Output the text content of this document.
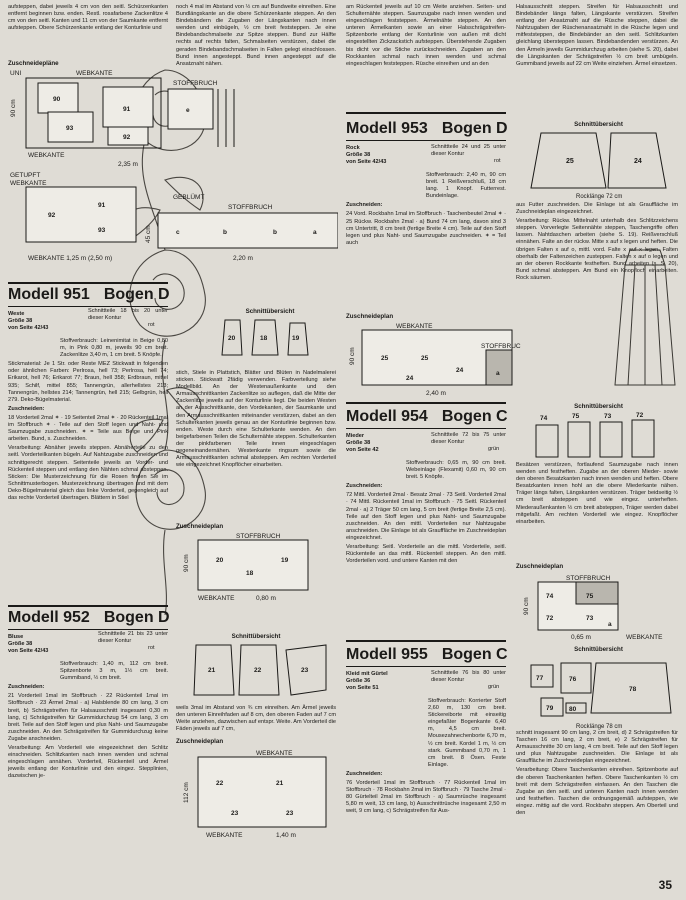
aufsteppen, dabei jeweils 4 cm von den seitl. Schürzenkanten entfernt beginnen bzw. enden. Restl. rosafarbene Zackenlitze 4 cm von den seitl. Kanten und 11 cm von der Saumkante entfernt aufsteppen. Obere Schürzenkante entlang der Konturlinie und

Zuschneidepläne
UNI	WEBKANTE
90
93
91
92
e
STOFFBRUCH
WEBKANTE
2,35 m
90 cm
GETUPFT
WEBKANTE
92
91
93
GEBLÜMT
STOFFBRUCH
c	b	b	a
45 cm
2,20 m
WEBKANTE 1,25 m (2,50 m)
Modell 951 Bogen D
Weste
Größe 38
von Seite 42/43
Schnittteile 18 bis 20 unter dieser Kontur
rot

Stoffverbrauch: Leinenimitat in Beige 0,80 m, in Pink 0,80 m, jeweils 90 cm breit. Zackenlitze 3,40 m, 1 cm breit. 5 Knöpfe.

Stickmaterial: Je 1 Str. oder Reste MEZ Stickwatt in folgenden oder ähnlichen Farben: Perlrosa, hell 73; Perlrosa, hell 74; Erikarot, hell 76; Erikarot 77; Braun, hell 358; Erdbraun, mittel 935; Schilf, mittel 855; Tannengrün, allerhellstes 213; Tannengrün, hellstes 214; Tannengrün, hell 215; Gelbgrün, hell 279. Deko-Bügelmaterial.

Zuschneiden:

18 Vorderteil 2mal ✶ · 19 Seitenteil 2mal ✶ · 20 Rückenteil 1mal im Stoffbruch ✶ · Teile auf den Stoff legen und Naht- und Saumzugabe zuschneiden. ✶ = Teile aus Beige und Pink arbeiten. Bund, s. Zuschneiden.

Verarbeitung: Abnäher jeweils steppen. Abnäherteile zu den seitl. Vorderteilkanten bügeln. Auf Nahtzugabe zuschneiden und schnittgerecht steppen. Seitenteile jeweils an Vorder- und Rückenteil steppen und entlang den Nähten schmal absteppen. Sticken: Die Musterzeichnung für die Rosen finden Sie im Schnittmusterbogen. Musterzeichnung übertragen und mit dem Deko-Bügelmaterial gleich das linke Vorderteil, gegengleich auf das rechte Vorderteil übertragen. Blättern in Stiel

Schnittübersicht
20	18	19

stich, Stiele in Plattstich, Blätter und Blüten in Nadelmalerei sticken. Stickwatt 2fädig verwenden. Farbverteilung siehe Modellbild. An der Westenaußenkante und den Armausschnittkanten Zackenlitze so auflegen, daß die Mitte der Zackenlitze jeweils auf der Konturlinie liegt. Die beiden Westen an der Ausschnittkante, den Vordekanten, der Saumkante und den Armausschnittkanten miteinander verstürzen, dabei an den Schulterkanten jeweils genau an der Konturlinie beginnen bzw. enden. Weste durch eine Schulterkante wenden. An den beigefarbenen Teilen die Schulternähte steppen. Schulterkanten der pinkfarbenen Teile innen eingeschlagen gegeneinandernähen. Westenkante ringsum sowie die Armausschnittkanten schmal absteppen. Am rechten Vorderteil wie eingezeichnet Knopflöcher einarbeiten.

Zuschneideplan
STOFFBRUCH
20
18
19
90 cm
0,80 m
WEBKANTE
Modell 952 Bogen D
Bluse
Größe 38
von Seite 42/43
Schnittteile 21 bis 23 unter dieser Kontur
rot

Stoffverbrauch: 1,40 m, 112 cm breit. Spitzenborte 3 m, 1½ cm breit. Gummiband, ½ cm breit.

Zuschneiden:

21 Vorderteil 1mal im Stoffbruch · 22 Rückenteil 1mal im Stoffbruch · 23 Ärmel 2mal · a) Halsblende 80 cm lang, 3 cm breit, b) Schrägstreifen für Halsausschnitt insgesamt 0,30 m lang, c) Schrägstreifen für Gummidurchzug 54 cm lang, 3 cm breit. Teile auf den Stoff legen und plus Naht- und Saumzugabe zuschneiden. An den Schrägstreifen für Gummidurchzug keine Zugabe anschneiden.

Verarbeitung: Am Vorderteil wie eingezeichnet den Schlitz einschneiden. Schlitzkanten nach innen wenden und schmal eingeschlagen annähen. Vorderteil, Rückenteil und Ärmel jeweils entlang der Konturlinie und den eingez. Stepplinien, dazwischen je-

Schnittübersicht
21	22	23

weils 3mal im Abstand von ¾ cm einreihen. Am Ärmel jeweils den unteren Einreihfaden auf 8 cm, den oberen Faden auf 7 cm Weite anziehen, dazwischen auf entspr. Weite. Am Vorderteil die Fäden jeweils auf 7 cm,

Zuschneideplan
WEBKANTE
22	21
23	23
112 cm
WEBKANTE	1,40 m

noch 4 mal im Abstand von ½ cm auf Bundweite einreihen. Eine Bundlängskante an die obere Schürzenkante steppen. An den Bindebändern die Zugaben der Längskanten nach innen wenden und einbügeln, ½ cm breit feststeppen. Je eine Bindebandschmalseite zur Spitze steppen. Bund zur Hälfte rechts auf rechts falten, Schmalseiten verstürzen, dabei die geraden Bindebandschmalseiten in Falten gelegt einschlossen. Bund innen angesteppt. Bund innen angesteppt auf die Ansatznaht nähen.

am Rückenteil jeweils auf 10 cm Weite anziehen. Seiten- und Schulternähte steppen. Saumzugabe nach innen wenden und eingeschlagen feststeppen. Ärmelnähte steppen. An den unteren Ärmelkanten sowie an einer Halsschrägstreifen-Spitzenborte entlang der Konturlinie von außen mit dicht eingestellten Zickzackstich aufsteppen. Überstehende Zugaben bis dicht vor die Stiche zurückschneiden. Zugaben an den Rockkanten schmal nach innen wenden und schmal eingeschlagen feststeppen. Rüsche einreihen und an den

Modell 953 Bogen D
Rock
Größe 38
von Seite 42/43
Schnittteile 24 und 25 unter dieser Kontur
rot

Stoffverbrauch: 2,40 m, 90 cm breit. 1 Reißverschluß, 18 cm lang. 1 Knopf. Futterrest. Bundeinlage.

Zuschneiden:

24 Vord. Rockbahn 1mal im Stoffbruch · Taschenbeutel 2mal ✶ · 25 Rückw. Rockbahn 2mal · a) Bund 74 cm lang, davon sind 3 cm Untertritt, 8 cm breit (fertige Breite 4 cm). Teile auf den Stoff legen und plus Naht- und Saumzugabe zuschneiden. ✶ = Teil auch

Zuschneideplan
WEBKANTE
STOFFBRUCH
25	25
24
24
a
90 cm
2,40 m
Modell 954 Bogen C
Mieder
Größe 38
von Seite 42
Schnittteile 72 bis 75 unter dieser Kontur
grün

Stoffverbrauch: 0,65 m, 90 cm breit. Webeinlage (Flexamit) 0,60 m, 90 cm breit. 5 Knöpfe.

Zuschneiden:

72 Mittl. Vorderteil 2mal · Besatz 2mal · 73 Seitl. Vorderteil 2mal · 74 Mittl. Rückenteil 1mal im Stoffbruch · 75 Seitl. Rückenteil 2mal · a) 2 Träger 50 cm lang, 5 cm breit (fertige Breite 2,5 cm). Teile auf den Stoff legen und plus Naht- und Saumzugabe zuschneiden. An den mittl. Vorderteilen nur Nahtzugabe anschneiden. Die Einlage ist als Grauffläche im Zuschneideplan eingezeichnet.

Verarbeitung: Seitl. Vorderteile an die mittl. Vorderteile, seitl. Rückenteile an das mittl. Rückenteil steppen. An den mittl. Vorderteilen vord. und untere Kanten mit den

Modell 955 Bogen C
Kleid mit Gürtel
Größe 36
von Seite 51
Schnittteile 76 bis 80 unter dieser Kontur
grün

Stoffverbrauch: Korrierter Stoff 2,60 m, 130 cm breit. Stickereiborte mit einseitig eingefaßter Bogenkante 6,40 m, 4,5 cm breit. Mousezahnechenborte 6,70 m, ½ cm breit. Kordel 1 m, ½ cm stark. Gummiband 0,70 m, 1 cm breit. 8 Ösen. Feste Einlage.

Zuschneiden:

76 Vorderteil 1mal im Stoffbruch · 77 Rückenteil 1mal im Stoffbruch · 78 Rockbahn 2mal im Stoffbruch · 79 Tasche 2mal · 80 Gürtelteil 2mal im Stoffbruch · a) Saumrüsche insgesamt 5,80 m weit, 13 cm lang, b) Ausschnittrüsche insgesamt 2,50 m weit, 9 cm lang, c) Schrägstreifen für Aus-

Halsausschnitt steppen. Streifen für Halsausschnitt und Bindebänder längs falten, Längskante verstürzen. Streifen entlang der Ansatznaht auf die Rüsche steppen, dabei die Nahtzugaben der Rüschenansatznaht in die Rüsche legen und mitfeststeppen, die Bindebänder an den seitl. Schlitzkanten gleichlang übersteppen lassen. Bindebandenden verstürzen. An den Ärmeln jeweils Gummidurchzug arbeiten (siehe S. 20), dabei die Längskanten der Schrägstreifen ½ cm breit umbügeln. Gummiband jeweils auf 22 cm Weite einziehen. Ärmel einsetzen.

Schnittübersicht
25	24
Rocklänge 72 cm

aus Futter zuschneiden. Die Einlage ist als Grauffläche im Zuschneideplan eingezeichnet.

Verarbeitung: Rückw. Mittelnaht unterhalb des Schlitzzeichens steppen. Vorverlegte Seitennähte steppen, Taschengriffe offen lassen. Nahtdaschen arbeiten (siehe S. 19). Reißverschluß einnähen. Falte an der rückw. Mitte x auf x legen und heften. Die übrigen Falten x auf o, mittl. vord. Falte x auf x legen. Falten oberhalb der Faltenzeichen zusteppen. Falten x auf o legen und an der oberen Rockkante festheften. Bund arbeiten (s. S. 20), Bund schmal absteppen. Am Bund ein Knopfloch einarbeiten. Rock säumen.

Schnittübersicht
74	75	73	72

Besätzen verstürzen, fortlaufend Saumzugabe nach innen wenden und festheften. Zugabe an der oberen Mieder- sowie den oberen Besatzkanten nach innen wenden und heften. Obere Besatzkanten innen hohl an die obere Miederkante nähen. Träger längs falten, Längskanten verstürzen. Träger beidseitig ½ cm breit absteppen und wie eingez. unterheften. Miederaußenkanten ½ cm breit absteppen, Träger werden dabei mitgefaßt. Am rechten Vorderteil wie eingez. Knopflöcher einarbeiten.

Zuschneideplan
STOFFBRUCH
74	75
72	73
a
90 cm
0,65 m	WEBKANTE
Schnittübersicht
77	76
78
79 80
Rocklänge 78 cm

schnitt insgesamt 90 cm lang, 2 cm breit, d) 2 Schrägstreifen für Taschen 16 cm lang, 2 cm breit, e) 2 Schrägstreifen für Armausschnitte 30 cm lang, 4 cm breit. Teile auf den Stoff legen und plus Nahtzugabe zuschneiden. Die Einlage ist als Grauffläche im Zuschneideplan eingezeichnet.

Verarbeitung: Obere Taschenkanten einreihen. Spitzenborte auf die oberen Taschenkanten heften. Obere Taschenkanten ½ cm breit mit dem Schrägstreifen einfassen. An den Taschen die Zugabe an den seitl. und unteren Kanten nach innen wenden und festheften. Taschen die ordnungsgemäß aufsteppen, wie eingez. mittig auf die vord. Rockbahn steppen. Am Oberteil und den

35
